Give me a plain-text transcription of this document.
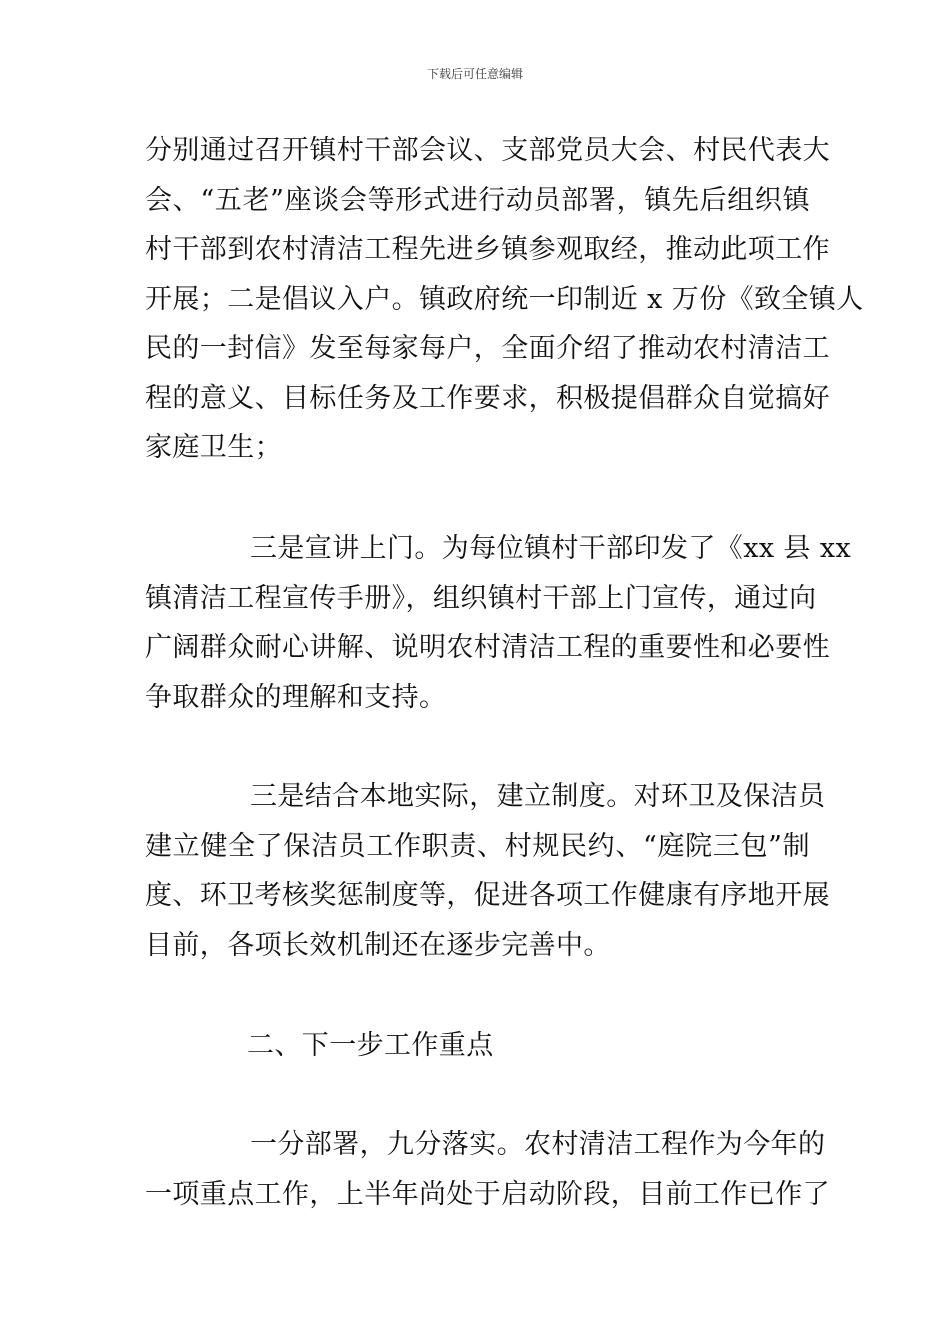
下载后可任意编辑
分别通过召开镇村干部会议、支部党员大会、村民代表大
会、“五老”座谈会等形式进行动员部署，镇先后组织镇
村干部到农村清洁工程先进乡镇参观取经，推动此项工作
开展；二是倡议入户。镇政府统一印制近 x 万份《致全镇人
民的一封信》发至每家每户，全面介绍了推动农村清洁工
程的意义、目标任务及工作要求，积极提倡群众自觉搞好
家庭卫生；
三是宣讲上门。为每位镇村干部印发了《xx 县 xx
镇清洁工程宣传手册》，组织镇村干部上门宣传，通过向
广阔群众耐心讲解、说明农村清洁工程的重要性和必要性
争取群众的理解和支持。
三是结合本地实际，建立制度。对环卫及保洁员
建立健全了保洁员工作职责、村规民约、“庭院三包”制
度、环卫考核奖惩制度等，促进各项工作健康有序地开展
目前，各项长效机制还在逐步完善中。
二、下一步工作重点
一分部署，九分落实。农村清洁工程作为今年的
一项重点工作，上半年尚处于启动阶段，目前工作已作了
